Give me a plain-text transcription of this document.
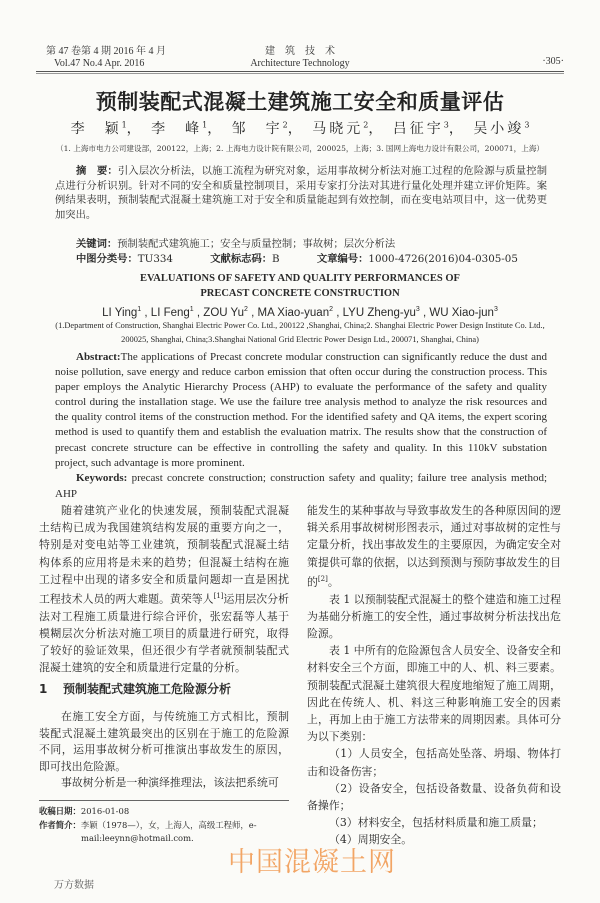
第 47 卷第 4 期 2016 年 4 月
Vol.47 No.4 Apr. 2016
建　筑　技　术
Architecture Technology	·305·
预制装配式混凝土建筑施工安全和质量评估
李　颖$^1$， 李　峰$^1$， 邹　宇$^2$， 马晓元$^2$， 吕征宇$^3$， 吴小竣$^3$
（1. 上海市电力公司建设部，200122，上海；2. 上海电力设计院有限公司，200025，上海；3. 国网上海电力设计有限公司，200071，上海）
摘　要：引入层次分析法，以施工流程为研究对象，运用事故树分析法对施工过程的危险源与质量控制点进行分析识别。针对不同的安全和质量控制项目，采用专家打分法对其进行量化处理并建立评价矩阵。案例结果表明，预制装配式混凝土建筑施工对于安全和质量能起到有效控制，而在变电站项目中，这一优势更加突出。
关键词：预制装配式建筑施工；安全与质量控制；事故树；层次分析法
中图分类号：TU334	文献标志码：B	文章编号：1000-4726(2016)04-0305-05
EVALUATIONS OF SAFETY AND QUALITY PERFORMANCES OF
PRECAST CONCRETE CONSTRUCTION
LI Ying$^1$ , LI Feng$^1$ , ZOU Yu$^2$ , MA Xiao-yuan$^2$ , LYU Zheng-$yu^3$ , WU Xiao-jun$^3$
(1.Department of Construction, Shanghai Electric Power Co. Ltd., 200122 ,Shanghai, China;2. Shanghai Electric Power Design Institute Co. Ltd., 200025, Shanghai, China;3.Shanghai National Grid Electric Power Design Ltd., 200071, Shanghai, China)
Abstract:The applications of Precast concrete modular construction can significantly reduce the dust and noise pollution, save energy and reduce carbon emission that often occur during the construction process. This paper employs the Analytic Hierarchy Process (AHP) to evaluate the performance of the safety and quality control during the installation stage. We use the failure tree analysis method to analyze the risk resources and the quality control items of the construction method. For the identified safety and QA items, the expert scoring method is used to quantify them and establish the evaluation matrix. The results show that the construction of precast concrete structure can be effective in controlling the safety and quality. In this 110kV substation project, such advantage is more prominent.
Keywords: precast concrete construction; construction safety and quality; failure tree analysis method; AHP

随着建筑产业化的快速发展，预制装配式混凝土结构已成为我国建筑结构发展的重要方向之一，特别是对变电站等工业建筑，预制装配式混凝土结构体系的应用将是未来的趋势；但混凝土结构在施工过程中出现的诸多安全和质量问题却一直是困扰工程技术人员的两大难题。黄荣等人[1]运用层次分析法对工程施工质量进行综合评价，张宏磊等人基于模糊层次分析法对施工项目的质量进行研究，取得了较好的验证效果，但还很少有学者就预制装配式混凝土建筑的安全和质量进行定量的分析。

1 预制装配式建筑施工危险源分析

在施工安全方面，与传统施工方式相比，预制装配式混凝土建筑最突出的区别在于施工的危险源不同，运用事故树分析可推演出事故发生的原因，即可找出危险源。

事故树分析是一种演绎推理法，该法把系统可

收稿日期：2016-01-08
作者简介：李颖（1978—），女，上海人，高级工程师，e-mail:leeynn@hotmail.com.

能发生的某种事故与导致事故发生的各种原因间的逻辑关系用事故树树形图表示，通过对事故树的定性与定量分析，找出事故发生的主要原因，为确定安全对策提供可靠的依据，以达到预测与预防事故发生的目的[2]。

表 1 以预制装配式混凝土的整个建造和施工过程为基础分析施工的安全性，通过事故树分析法找出危险源。

表 1 中所有的危险源包含人员安全、设备安全和材料安全三个方面，即施工中的人、机、料三要素。预制装配式混凝土建筑很大程度地缩短了施工周期，因此在传统人、机、料这三种影响施工安全的因素上，再加上由于施工方法带来的周期因素。具体可分为以下类别：

（1）人员安全，包括高处坠落、坍塌、物体打击和设备伤害；

（2）设备安全，包括设备数量、设备负荷和设备操作；

（3）材料安全，包括材料质量和施工质量；

（4）周期安全。

中国混凝土网
万方数据
